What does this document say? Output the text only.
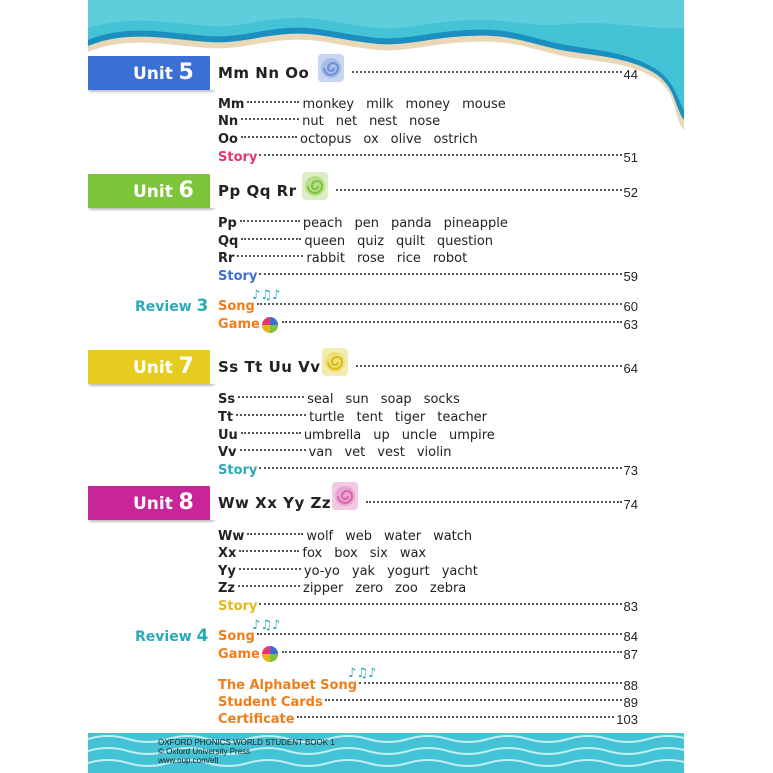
OXFORD PHONICS WORLD STUDENT BOOK 1
© Oxford University Press
www.oup.com/elt
Unit 5 Mm Nn Oo	44
Mm	monkey milk money mouse
Nn	nut net nest nose
Oo	octopus ox olive ostrich
Story	51
Unit 6 Pp Qq Rr	52
Pp	peach pen panda pineapple
Qq	queen quiz quilt question
Rr	rabbit rose rice robot
Story	59
Review 3
♪♫♪
Song	60
Game	63
Unit 7 Ss Tt Uu Vv	64
Ss	seal sun soap socks
Tt	turtle tent tiger teacher
Uu	umbrella up uncle umpire
Vv	van vet vest violin
Story	73
Unit 8 Ww Xx Yy Zz	74
Ww	wolf web water watch
Xx	fox box six wax
Yy	yo-yo yak yogurt yacht
Zz	zipper zero zoo zebra
Story	83
Review 4
♪♫♪
Song	84
Game	87
♪♫♪
The Alphabet Song	88
Student Cards	89
Certificate	103
